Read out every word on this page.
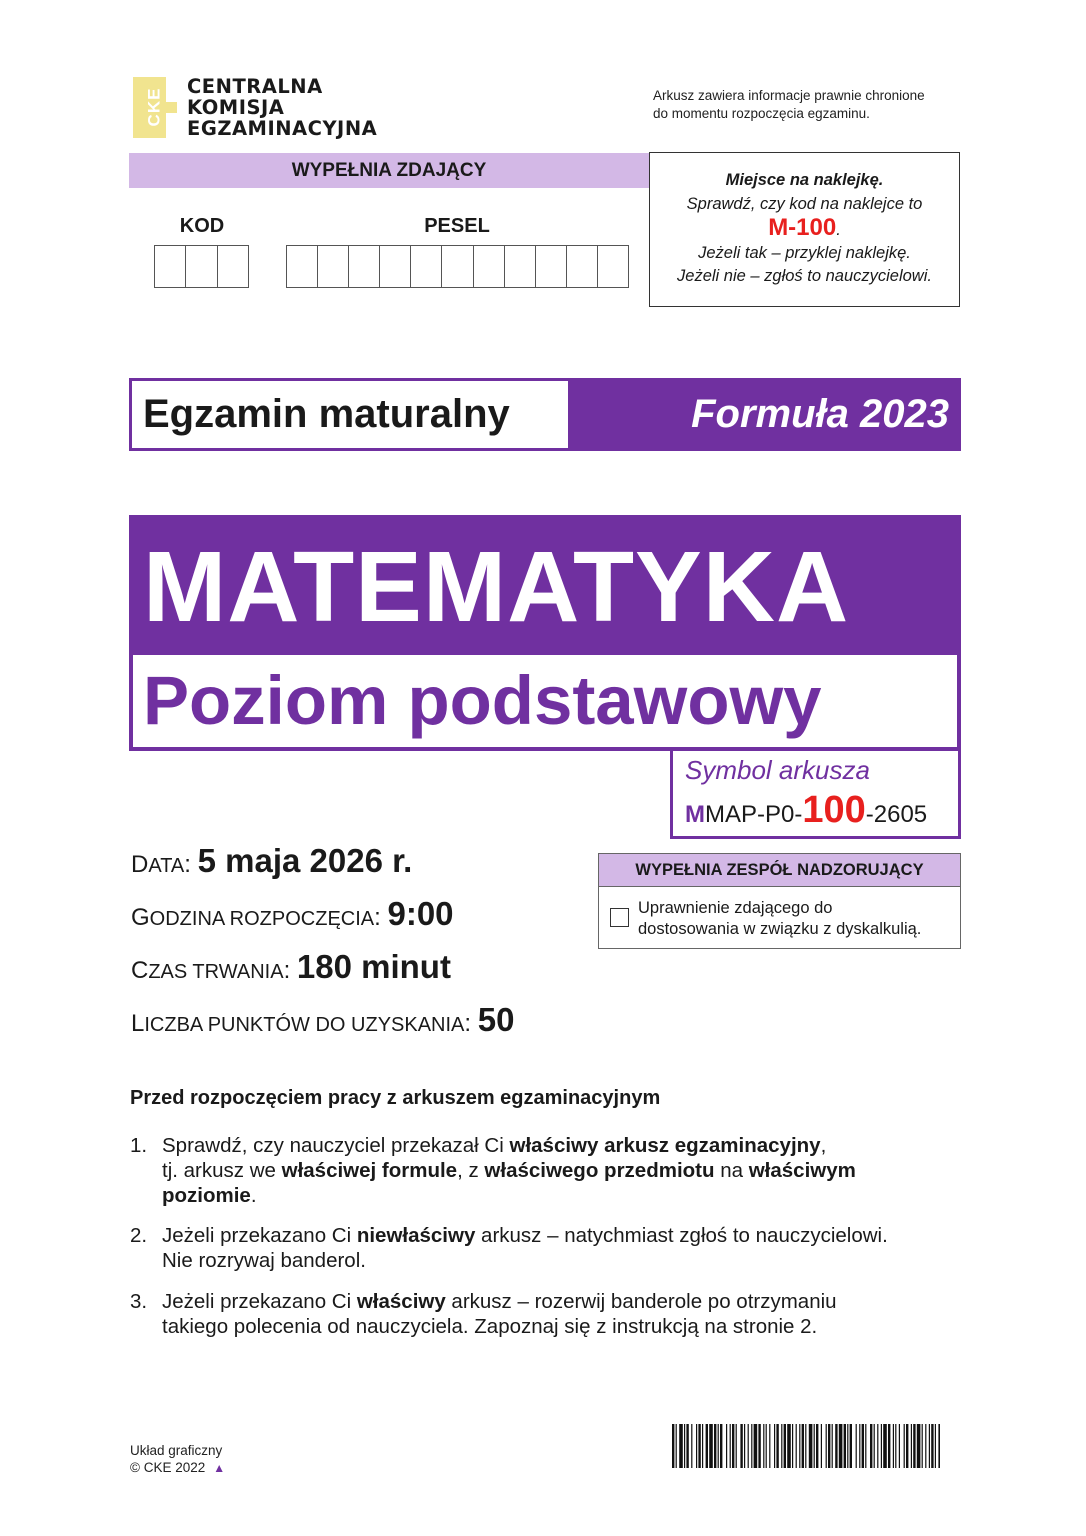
CKE
CENTRALNA
KOMISJA
EGZAMINACYJNA
Arkusz zawiera informacje prawnie chronione
do momentu rozpoczęcia egzaminu.
WYPEŁNIA ZDAJĄCY
KOD	PESEL
Miejsce na naklejkę.
Sprawdź, czy kod na naklejce to
M-100.
Jeżeli tak – przyklej naklejkę.
Jeżeli nie – zgłoś to nauczycielowi.
Egzamin maturalny	Formuła 2023
MATEMATYKA
Poziom podstawowy
Symbol arkusza
MMAP-P0-100-2605
DATA: 5 maja 2026 r.
GODZINA ROZPOCZĘCIA: 9:00
CZAS TRWANIA: 180 minut
LICZBA PUNKTÓW DO UZYSKANIA: 50
WYPEŁNIA ZESPÓŁ NADZORUJĄCY
Uprawnienie zdającego do
dostosowania w związku z dyskalkulią.
Przed rozpoczęciem pracy z arkuszem egzaminacyjnym
1. Sprawdź, czy nauczyciel przekazał Ci właściwy arkusz egzaminacyjny,
tj. arkusz we właściwej formule, z właściwego przedmiotu na właściwym
poziomie.
2. Jeżeli przekazano Ci niewłaściwy arkusz – natychmiast zgłoś to nauczycielowi.
Nie rozrywaj banderol.
3. Jeżeli przekazano Ci właściwy arkusz – rozerwij banderole po otrzymaniu
takiego polecenia od nauczyciela. Zapoznaj się z instrukcją na stronie 2.
Układ graficzny
© CKE 2022 ▲
